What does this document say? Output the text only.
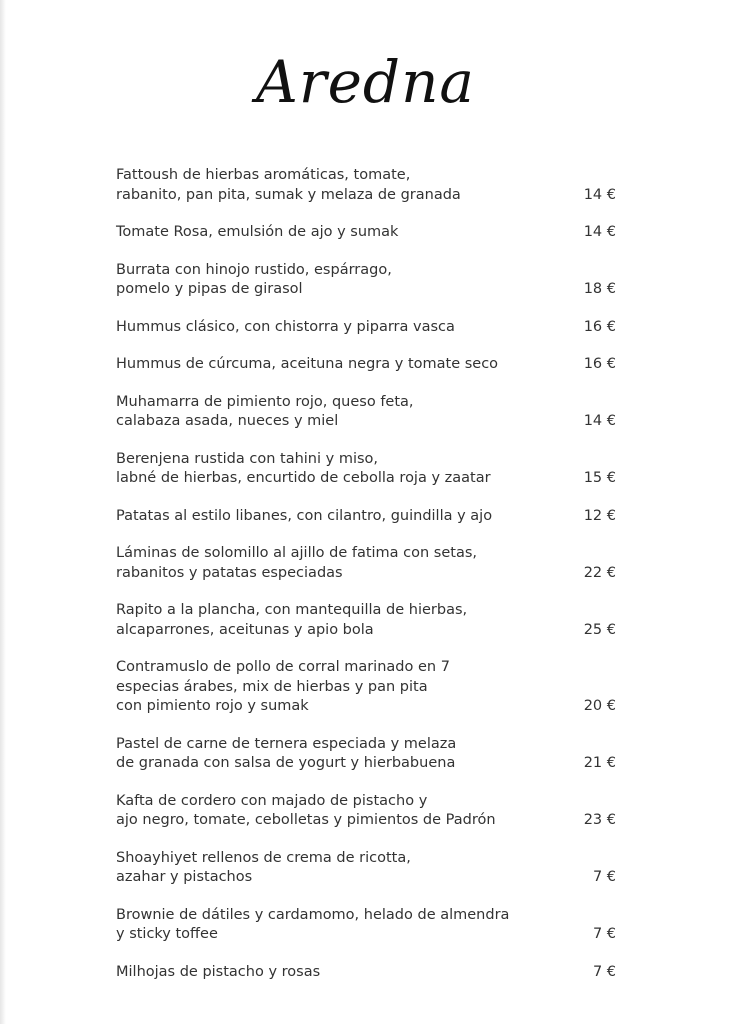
Aredna
Fattoush de hierbas aromáticas, tomate,
rabanito, pan pita, sumak y melaza de granada	14 €
Tomate Rosa, emulsión de ajo y sumak	14 €
Burrata con hinojo rustido, espárrago,
pomelo y pipas de girasol	18 €
Hummus clásico, con chistorra y piparra vasca	16 €
Hummus de cúrcuma, aceituna negra y tomate seco	16 €
Muhamarra de pimiento rojo, queso feta,
calabaza asada, nueces y miel	14 €
Berenjena rustida con tahini y miso,
labné de hierbas, encurtido de cebolla roja y zaatar	15 €
Patatas al estilo libanes, con cilantro, guindilla y ajo	12 €
Láminas de solomillo al ajillo de fatima con setas,
rabanitos y patatas especiadas	22 €
Rapito a la plancha, con mantequilla de hierbas,
alcaparrones, aceitunas y apio bola	25 €
Contramuslo de pollo de corral marinado en 7
especias árabes, mix de hierbas y pan pita
con pimiento rojo y sumak	20 €
Pastel de carne de ternera especiada y melaza
de granada con salsa de yogurt y hierbabuena	21 €
Kafta de cordero con majado de pistacho y
ajo negro, tomate, cebolletas y pimientos de Padrón	23 €
Shoayhiyet rellenos de crema de ricotta,
azahar y pistachos	7 €
Brownie de dátiles y cardamomo, helado de almendra
y sticky toffee	7 €
Milhojas de pistacho y rosas	7 €
